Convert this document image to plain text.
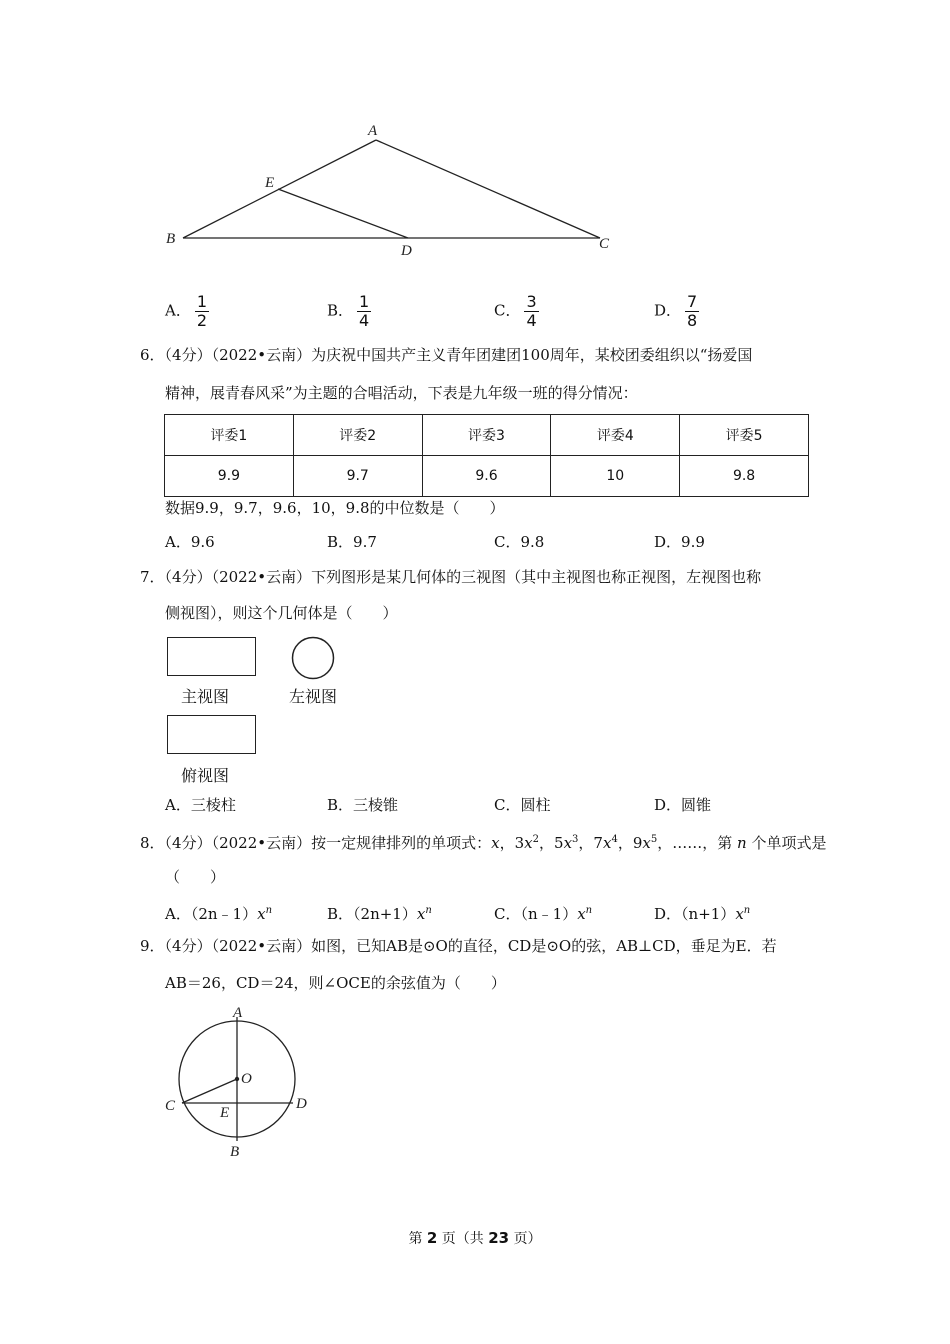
A
E
B
D	C
A． $\frac{1}{2}$	B． $\frac{1}{4}$	C． $\frac{3}{4}$	D． $\frac{7}{8}$
6．（4分）（2022•云南）为庆祝中国共产主义青年团建团100周年，某校团委组织以“扬爱国
精神，展青春风采”为主题的合唱活动，下表是九年级一班的得分情况：
评委1	评委2	评委3	评委4	评委5
9.9	9.7	9.6	10	9.8
数据9.9，9.7，9.6，10，9.8的中位数是（　　）
A．9.6	B．9.7	C．9.8	D．9.9
7．（4分）（2022•云南）下列图形是某几何体的三视图（其中主视图也称正视图，左视图也称
侧视图），则这个几何体是（　　）
主视图	左视图
俯视图
A．三棱柱	B．三棱锥	C．圆柱	D．圆锥
8．（4分）（2022•云南）按一定规律排列的单项式：x，$3x^2$，$5x^3$，$7x^4$，$9x^5$，……，第 n 个单项式是
（　　）
A．$(2n﹣1)x^n$	B．$(2n+1)x^n$	C．$(n﹣1)x^n$	D．$(n+1)x^n$
9．（4分）（2022•云南）如图，已知AB是⊙O的直径，CD是⊙O的弦，AB⊥CD，垂足为E．若
AB＝26，CD＝24，则∠OCE的余弦值为（　　）
A
O
C	D
E
B
第 2 页（共 23 页）
